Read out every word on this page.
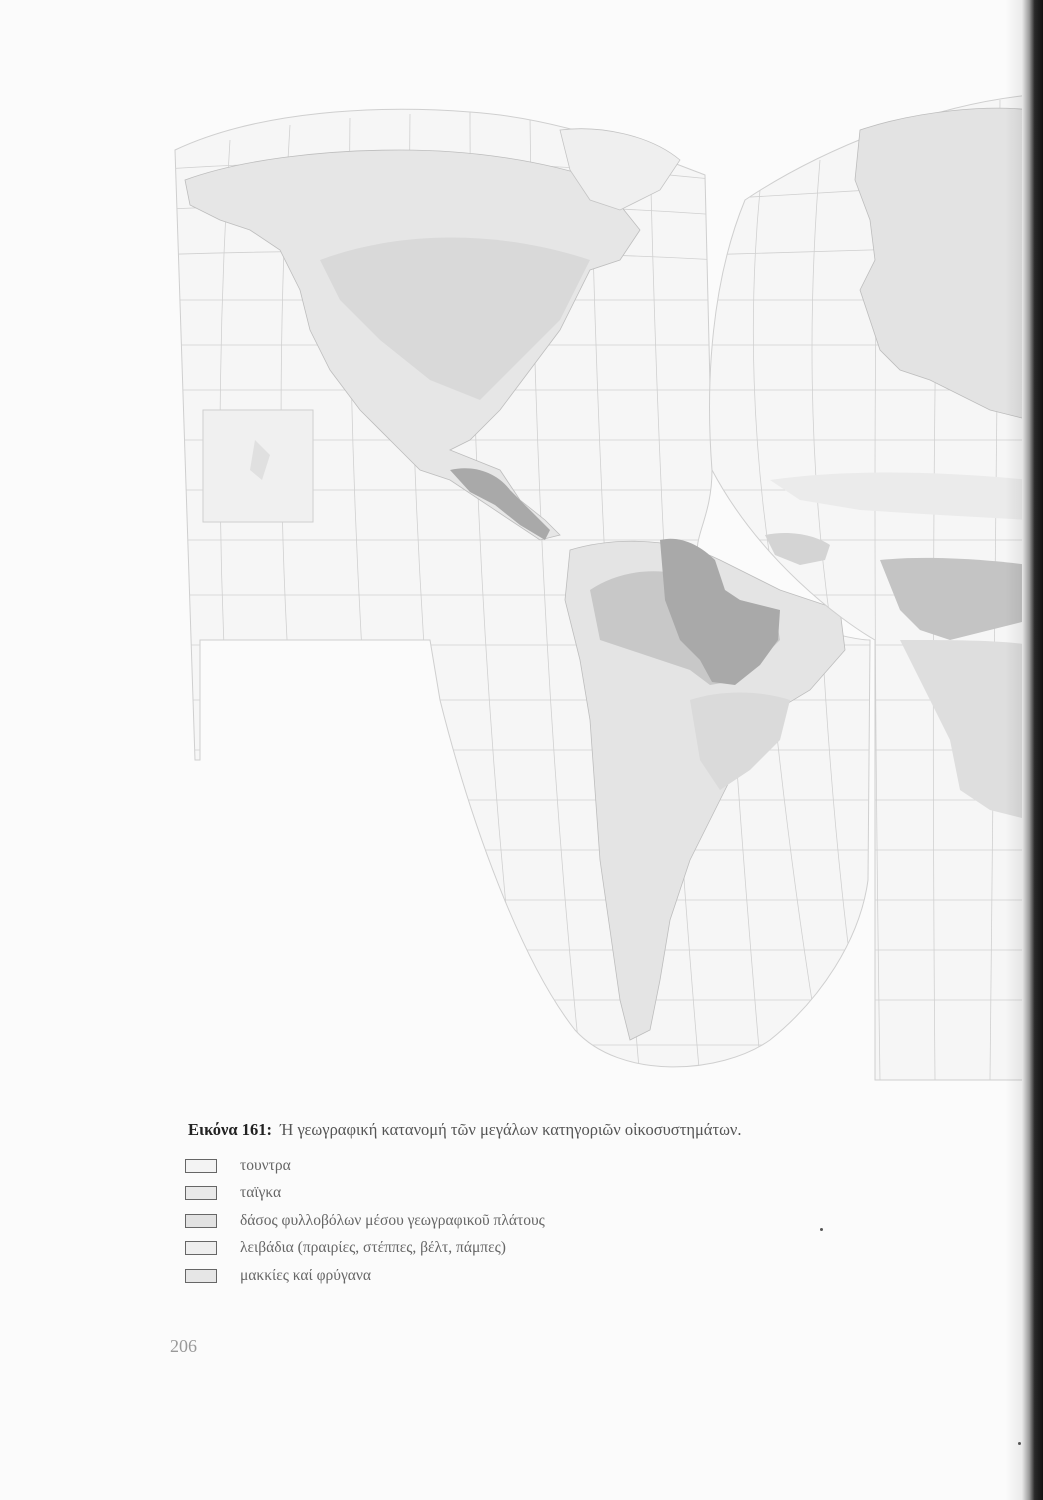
Εικόνα 161: Ή γεωγραφική κατανομή τῶν μεγάλων κατηγοριῶν οἰκοσυστημάτων.
τουντρα
ταϊγκα
δάσος φυλλοβόλων μέσου γεωγραφικοῦ πλάτους
λειβάδια (πραιρίες, στέππες, βέλτ, πάμπες)
μακκίες καί φρύγανα
206
